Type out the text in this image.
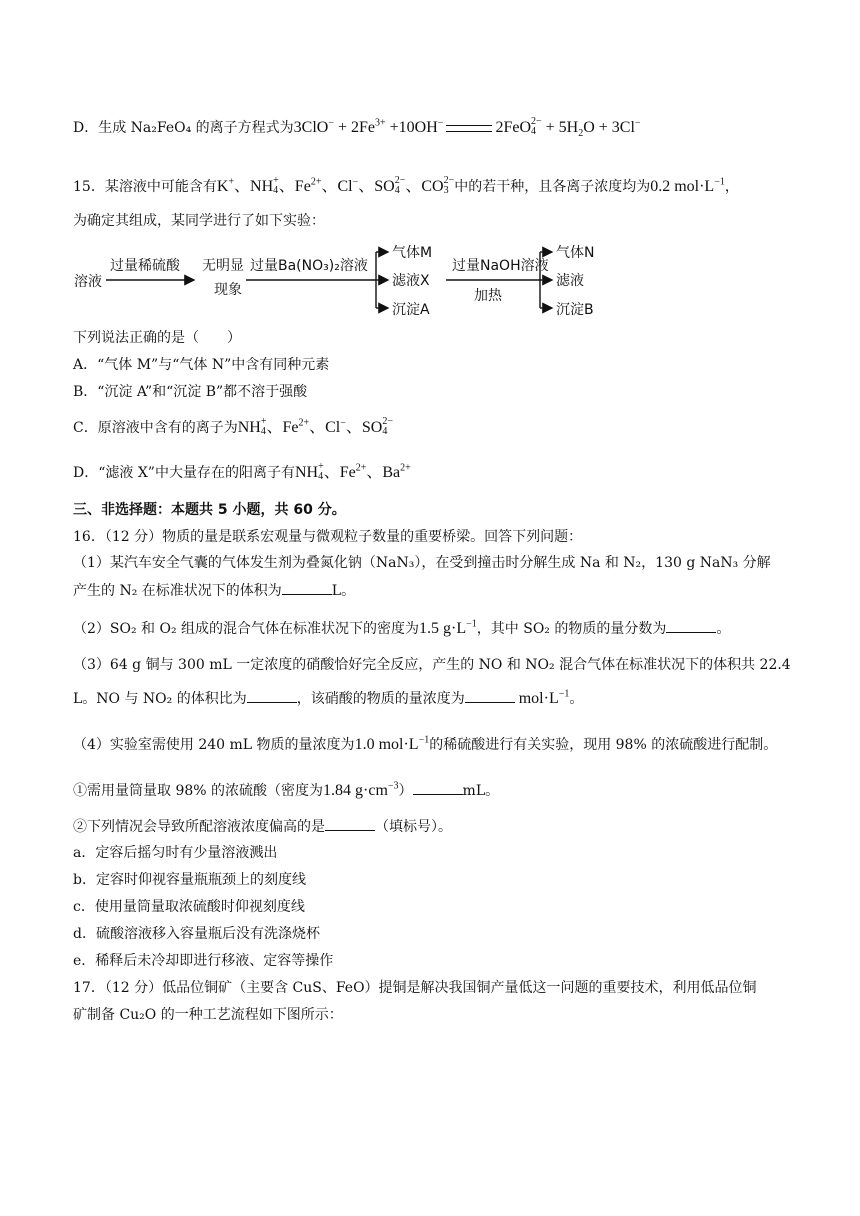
D．生成 Na₂FeO₄ 的离子方程式为$3ClO^- + 2Fe^{3+} +10OH^-$	2FeO 2−
$4 + 5H_2O + 3Cl^-$
15．某溶液中可能含有K+、NH +
4 、$Fe^{2+}$、Cl−、SO 2−
4 、CO 2−
3 中的若干种，且各离子浓度均为0.2 $mol\cdot L^{-1}$，
为确定其组成，某同学进行了如下实验：
溶液
过量稀硫酸 无明显
现象
过量Ba(NO₃)₂溶液
气体M
滤液X
沉淀A
过量NaOH溶液
加热
气体N
滤液
沉淀B
下列说法正确的是（　　）
A．“气体 M”与“气体 N”中含有同种元素
B．“沉淀 A”和“沉淀 B”都不溶于强酸
C．原溶液中含有的离子为NH +
4 、$Fe^{2+}$、Cl−、SO 2−
4
D．“滤液 X”中大量存在的阳离子有NH +
4 、$Fe^{2+}$、$Ba^{2+}$
三、非选择题：本题共 5 小题，共 60 分。
16．（12 分）物质的量是联系宏观量与微观粒子数量的重要桥梁。回答下列问题：
（1）某汽车安全气囊的气体发生剂为叠氮化钠（NaN₃），在受到撞击时分解生成 Na 和 N₂，130 g NaN₃ 分解
产生的 N₂ 在标准状况下的体积为	L。
（2）SO₂ 和 O₂ 组成的混合气体在标准状况下的密度为1.5 $g\cdot L^{-1}$，其中 SO₂ 的物质的量分数为	。
（3）64 g 铜与 300 mL 一定浓度的硝酸恰好完全反应，产生的 NO 和 NO₂ 混合气体在标准状况下的体积共 22.4
L。NO 与 NO₂ 的体积比为	，该硝酸的物质的量浓度为	$mol\cdot L^{-1}$。
（4）实验室需使用 240 mL 物质的量浓度为1.0 $mol\cdot L^{-1}$的稀硫酸进行有关实验，现用 98% 的浓硫酸进行配制。
①需用量筒量取 98% 的浓硫酸（密度为1.84 $g\cdot cm^{-3}$）	mL。
②下列情况会导致所配溶液浓度偏高的是	（填标号）。
a．定容后摇匀时有少量溶液溅出
b．定容时仰视容量瓶瓶颈上的刻度线
c．使用量筒量取浓硫酸时仰视刻度线
d．硫酸溶液移入容量瓶后没有洗涤烧杯
e．稀释后未冷却即进行移液、定容等操作
17．（12 分）低品位铜矿（主要含 CuS、FeO）提铜是解决我国铜产量低这一问题的重要技术，利用低品位铜
矿制备 Cu₂O 的一种工艺流程如下图所示：
